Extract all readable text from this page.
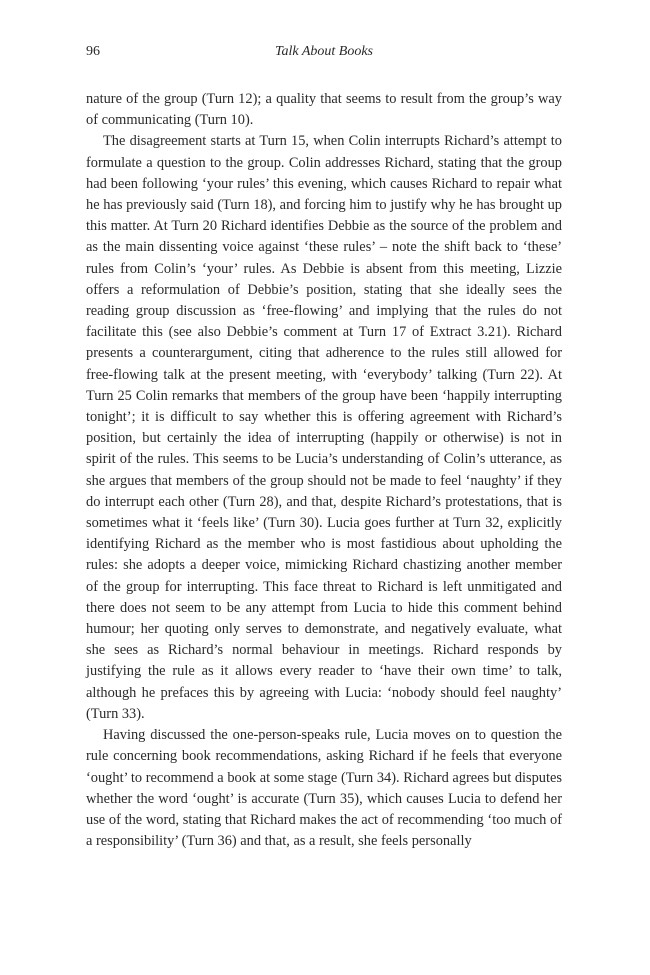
96	Talk About Books

nature of the group (Turn 12); a quality that seems to result from the group’s way of communicating (Turn 10).

The disagreement starts at Turn 15, when Colin interrupts Richard’s attempt to formulate a question to the group. Colin addresses Richard, stating that the group had been following ‘your rules’ this evening, which causes Richard to repair what he has previously said (Turn 18), and forcing him to justify why he has brought up this matter. At Turn 20 Richard identifies Debbie as the source of the problem and as the main dissenting voice against ‘these rules’ – note the shift back to ‘these’ rules from Colin’s ‘your’ rules. As Debbie is absent from this meeting, Lizzie offers a reformulation of Debbie’s position, stating that she ideally sees the reading group discussion as ‘free-flowing’ and implying that the rules do not facilitate this (see also Debbie’s comment at Turn 17 of Extract 3.21). Richard presents a counterargument, citing that adherence to the rules still allowed for free-flowing talk at the present meeting, with ‘everybody’ talking (Turn 22). At Turn 25 Colin remarks that members of the group have been ‘happily interrupting tonight’; it is difficult to say whether this is offering agreement with Richard’s position, but certainly the idea of interrupting (happily or otherwise) is not in spirit of the rules. This seems to be Lucia’s understanding of Colin’s utterance, as she argues that members of the group should not be made to feel ‘naughty’ if they do interrupt each other (Turn 28), and that, despite Richard’s protestations, that is sometimes what it ‘feels like’ (Turn 30). Lucia goes further at Turn 32, explicitly identifying Richard as the member who is most fastidious about upholding the rules: she adopts a deeper voice, mimicking Richard chastizing another member of the group for interrupting. This face threat to Richard is left unmitigated and there does not seem to be any attempt from Lucia to hide this comment behind humour; her quoting only serves to demonstrate, and negatively evaluate, what she sees as Richard’s normal behaviour in meetings. Richard responds by justifying the rule as it allows every reader to ‘have their own time’ to talk, although he prefaces this by agreeing with Lucia: ‘nobody should feel naughty’ (Turn 33).

Having discussed the one-person-speaks rule, Lucia moves on to question the rule concerning book recommendations, asking Richard if he feels that everyone ‘ought’ to recommend a book at some stage (Turn 34). Richard agrees but disputes whether the word ‘ought’ is accurate (Turn 35), which causes Lucia to defend her use of the word, stating that Richard makes the act of recommending ‘too much of a responsibility’ (Turn 36) and that, as a result, she feels personally
